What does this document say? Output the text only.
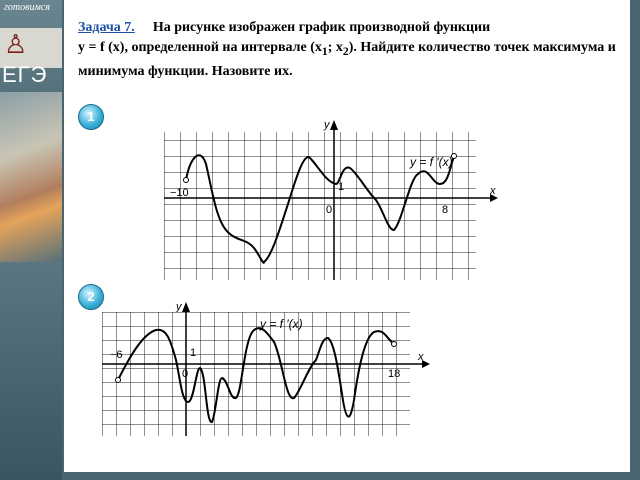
готовимся
♙
ЕГЭ
Задача 7. На рисунке изображен график производной функции
y = f (x), определенной на интервале ($x_1$; $x_2$). Найдите количество точек максимума и минимума функции. Назовите их.
1
y
x
y = f ′(x)
−10
0	8
1
2
y
x
y = f ′(x)
−6
0	18
1
